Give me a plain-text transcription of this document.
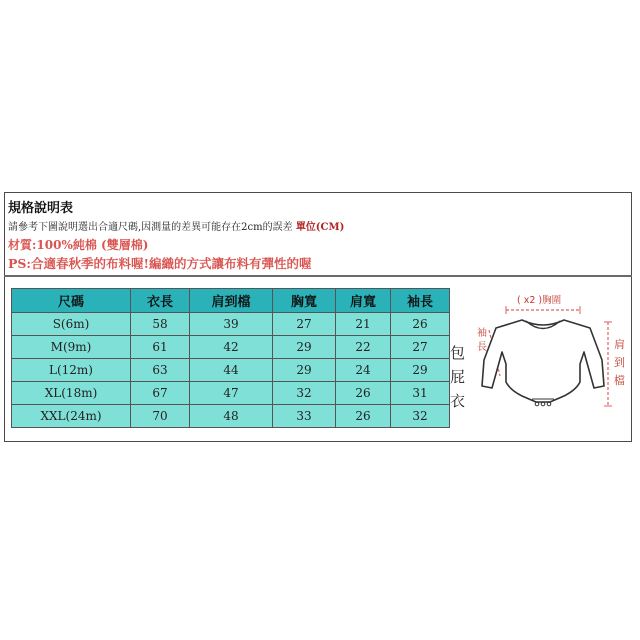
規格說明表
請參考下圖說明選出合適尺碼,因測量的差異可能存在2cm的誤差 單位(CM)
材質:100%純棉 (雙層棉)
PS:合適春秋季的布料喔!編織的方式讓布料有彈性的喔
尺碼	衣長	肩到檔	胸寬	肩寬	袖長
S(6m)	58	39	27	21	26
M(9m)	61	42	29	22	27
L(12m)	63	44	29	24	29
XL(18m)	67	47	32	26	31
XXL(24m)	70	48	33	26	32
包
屁
衣
( x2 )胸圍
袖
長	肩
到
檔
